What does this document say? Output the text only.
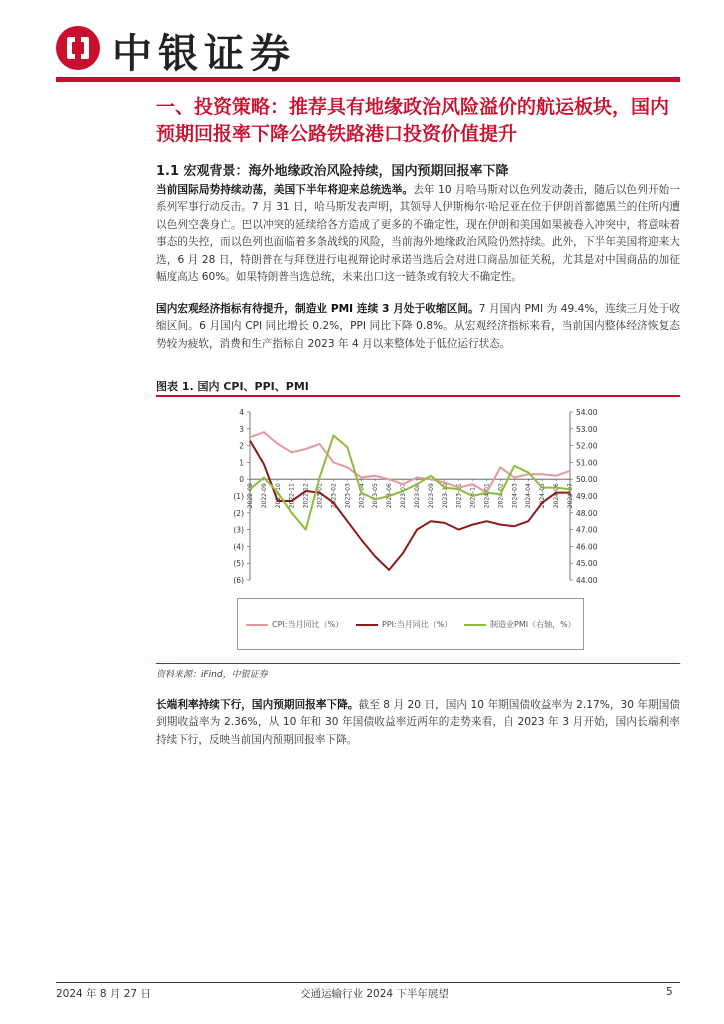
中银证券
一、投资策略：推荐具有地缘政治风险溢价的航运板块，国内预期回报率下降公路铁路港口投资价值提升
1.1 宏观背景：海外地缘政治风险持续，国内预期回报率下降
当前国际局势持续动荡，美国下半年将迎来总统选举。去年 10 月哈马斯对以色列发动袭击，随后以色列开始一系列军事行动反击。7 月 31 日，哈马斯发表声明，其领导人伊斯梅尔·哈尼亚在位于伊朗首都德黑兰的住所内遭以色列空袭身亡。巴以冲突的延续给各方造成了更多的不确定性，现在伊朗和美国如果被卷入冲突中，将意味着事态的失控，而以色列也面临着多条战线的风险，当前海外地缘政治风险仍然持续。此外，下半年美国将迎来大选，6 月 28 日，特朗普在与拜登进行电视辩论时承诺当选后会对进口商品加征关税，尤其是对中国商品的加征幅度高达 60%。如果特朗普当选总统，未来出口这一链条或有较大不确定性。
国内宏观经济指标有待提升，制造业 PMI 连续 3 月处于收缩区间。7 月国内 PMI 为 49.4%，连续三月处于收缩区间。6 月国内 CPI 同比增长 0.2%，PPI 同比下降 0.8%。从宏观经济指标来看，当前国内整体经济恢复态势较为疲软，消费和生产指标自 2023 年 4 月以来整体处于低位运行状态。
图表 1. 国内 CPI、PPI、PMI
4
3
2
1
0
(1)
(2)
(3)
(4)
(5)
(6)
54.00
53.00
52.00
51.00
50.00
49.00
48.00
47.00
46.00
45.00
44.00
2022-08 2022-09 2022-10 2022-11 2022-12 2023-01 2023-02 2023-03 2023-04 2023-05 2023-06 2023-07 2023-08 2023-09 2023-10 2023-11 2023-12 2024-01 2024-02 2024-03 2024-04 2024-05 2024-06 2024-07
CPI:当月同比（%）	PPI:当月同比（%）	制造业PMI（右轴，%）
资料来源：iFind，中银证券
长端利率持续下行，国内预期回报率下降。截至 8 月 20 日，国内 10 年期国债收益率为 2.17%，30 年期国债到期收益率为 2.36%，从 10 年和 30 年国债收益率近两年的走势来看，自 2023 年 3 月开始，国内长端利率持续下行，反映当前国内预期回报率下降。
2024 年 8 月 27 日	交通运输行业 2024 下半年展望	5
